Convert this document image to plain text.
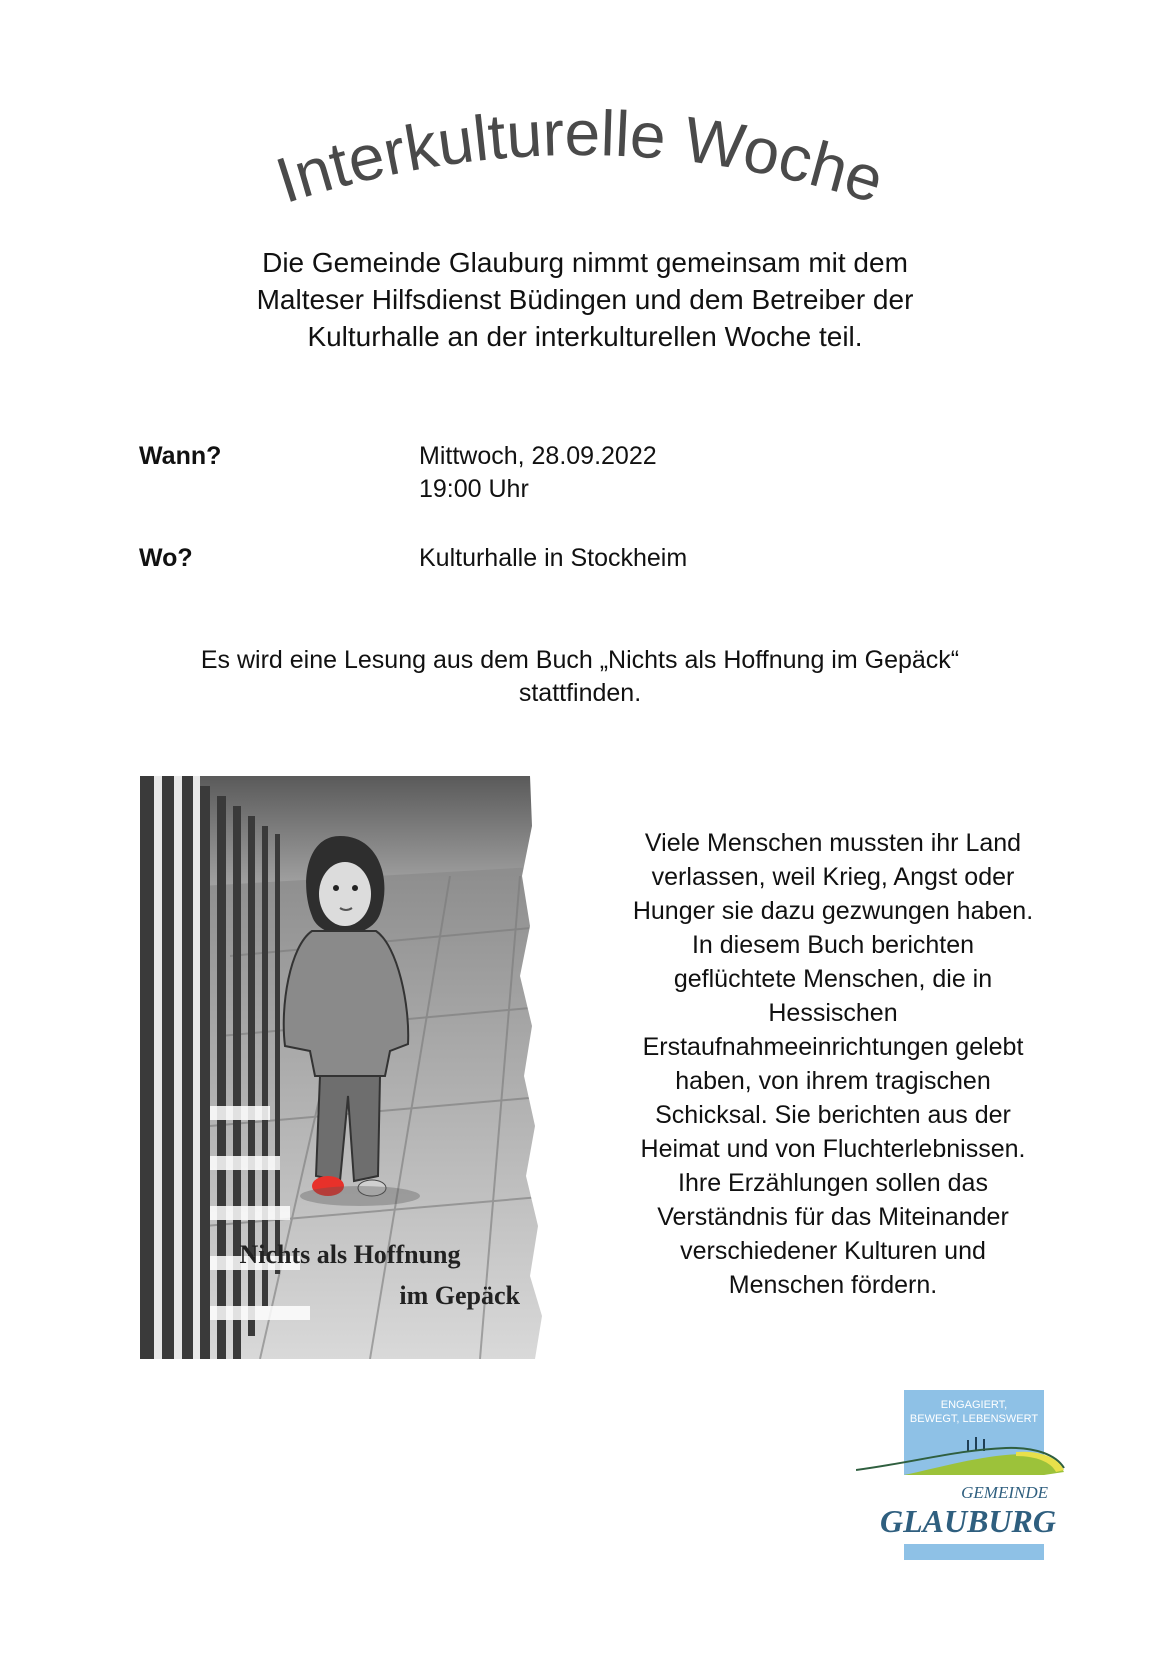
Interkulturelle Woche
Die Gemeinde Glauburg nimmt gemeinsam mit dem
Malteser Hilfsdienst Büdingen und dem Betreiber der
Kulturhalle an der interkulturellen Woche teil.
Wann?	Mittwoch, 28.09.2022
19:00 Uhr
Wo?	Kulturhalle in Stockheim
Es wird eine Lesung aus dem Buch „Nichts als Hoffnung im Gepäck“
stattfinden.
Nichts als Hoffnung
im Gepäck
Viele Menschen mussten ihr Land
verlassen, weil Krieg, Angst oder
Hunger sie dazu gezwungen haben.
In diesem Buch berichten
geflüchtete Menschen, die in
Hessischen
Erstaufnahmeeinrichtungen gelebt
haben, von ihrem tragischen
Schicksal. Sie berichten aus der
Heimat und von Fluchterlebnissen.
Ihre Erzählungen sollen das
Verständnis für das Miteinander
verschiedener Kulturen und
Menschen fördern.
ENGAGIERT,
BEWEGT, LEBENSWERT
GEMEINDE
GLAUBURG
